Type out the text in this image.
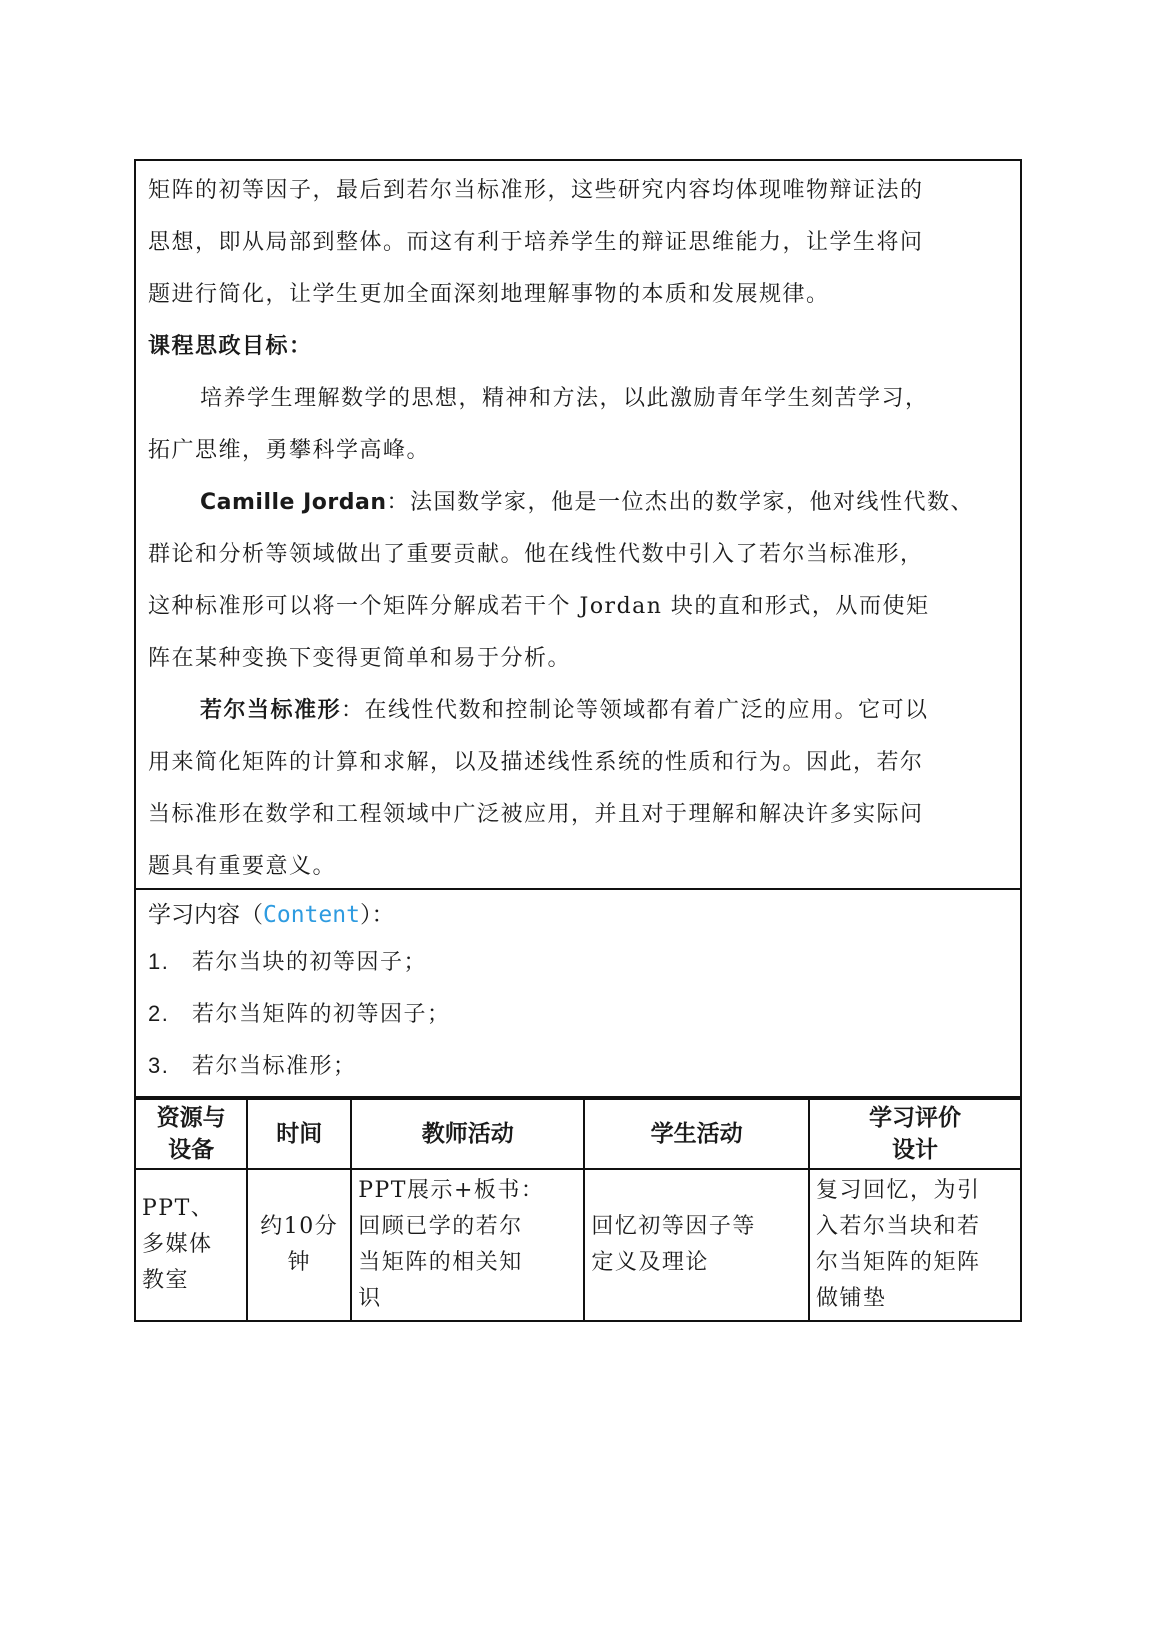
矩阵的初等因子，最后到若尔当标准形，这些研究内容均体现唯物辩证法的
思想，即从局部到整体。而这有利于培养学生的辩证思维能力，让学生将问
题进行简化，让学生更加全面深刻地理解事物的本质和发展规律。
课程思政目标：
培养学生理解数学的思想，精神和方法，以此激励青年学生刻苦学习，
拓广思维，勇攀科学高峰。
Camille Jordan：法国数学家，他是一位杰出的数学家，他对线性代数、
群论和分析等领域做出了重要贡献。他在线性代数中引入了若尔当标准形，
这种标准形可以将一个矩阵分解成若干个 Jordan 块的直和形式，从而使矩
阵在某种变换下变得更简单和易于分析。
若尔当标准形：在线性代数和控制论等领域都有着广泛的应用。它可以
用来简化矩阵的计算和求解，以及描述线性系统的性质和行为。因此，若尔
当标准形在数学和工程领域中广泛被应用，并且对于理解和解决许多实际问
题具有重要意义。
学习内容（Content）：
1. 若尔当块的初等因子；
2. 若尔当矩阵的初等因子；
3. 若尔当标准形；
资源与
设备	时间	教师活动	学生活动	学习评价
设计

PPT、
多媒体
教室	约10分
钟	PPT展示+板书：
回顾已学的若尔
当矩阵的相关知
识	回忆初等因子等
定义及理论	复习回忆，为引
入若尔当块和若
尔当矩阵的矩阵
做铺垫
